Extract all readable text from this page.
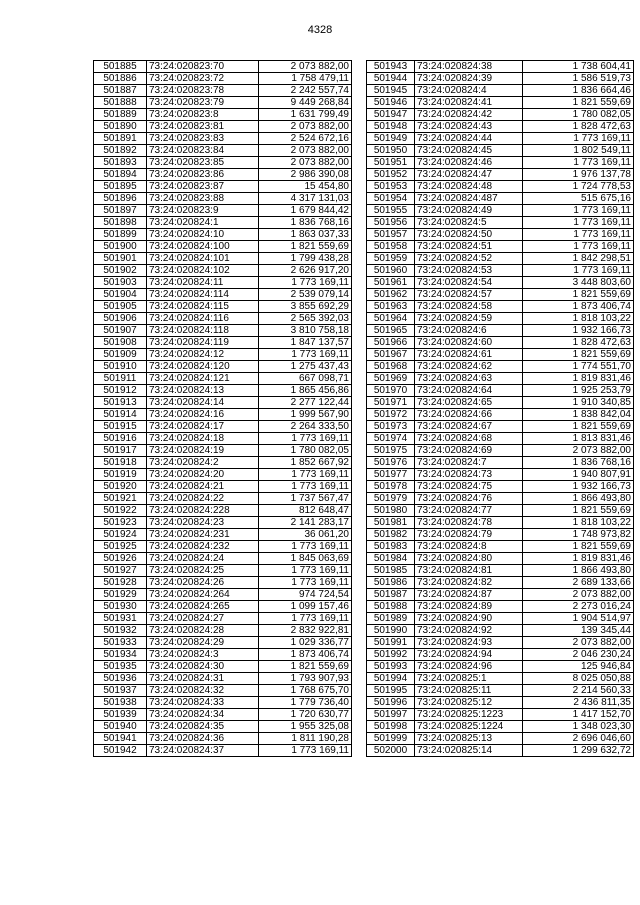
4328
501885	73:24:020823:70	2 073 882,00
501886	73:24:020823:72	1 758 479,11
501887	73:24:020823:78	2 242 557,74
501888	73:24:020823:79	9 449 268,84
501889	73:24:020823:8	1 631 799,49
501890	73:24:020823:81	2 073 882,00
501891	73:24:020823:83	2 524 672,16
501892	73:24:020823:84	2 073 882,00
501893	73:24:020823:85	2 073 882,00
501894	73:24:020823:86	2 986 390,08
501895	73:24:020823:87	15 454,80
501896	73:24:020823:88	4 317 131,03
501897	73:24:020823:9	1 679 844,42
501898	73:24:020824:1	1 836 768,16
501899	73:24:020824:10	1 863 037,33
501900	73:24:020824:100	1 821 559,69
501901	73:24:020824:101	1 799 438,28
501902	73:24:020824:102	2 626 917,20
501903	73:24:020824:11	1 773 169,11
501904	73:24:020824:114	2 539 079,14
501905	73:24:020824:115	3 855 692,29
501906	73:24:020824:116	2 565 392,03
501907	73:24:020824:118	3 810 758,18
501908	73:24:020824:119	1 847 137,57
501909	73:24:020824:12	1 773 169,11
501910	73:24:020824:120	1 275 437,43
501911	73:24:020824:121	667 098,71
501912	73:24:020824:13	1 865 456,86
501913	73:24:020824:14	2 277 122,44
501914	73:24:020824:16	1 999 567,90
501915	73:24:020824:17	2 264 333,50
501916	73:24:020824:18	1 773 169,11
501917	73:24:020824:19	1 780 082,05
501918	73:24:020824:2	1 852 667,92
501919	73:24:020824:20	1 773 169,11
501920	73:24:020824:21	1 773 169,11
501921	73:24:020824:22	1 737 567,47
501922	73:24:020824:228	812 648,47
501923	73:24:020824:23	2 141 283,17
501924	73:24:020824:231	36 061,20
501925	73:24:020824:232	1 773 169,11
501926	73:24:020824:24	1 845 063,69
501927	73:24:020824:25	1 773 169,11
501928	73:24:020824:26	1 773 169,11
501929	73:24:020824:264	974 724,54
501930	73:24:020824:265	1 099 157,46
501931	73:24:020824:27	1 773 169,11
501932	73:24:020824:28	2 832 922,81
501933	73:24:020824:29	1 029 336,77
501934	73:24:020824:3	1 873 406,74
501935	73:24:020824:30	1 821 559,69
501936	73:24:020824:31	1 793 907,93
501937	73:24:020824:32	1 768 675,70
501938	73:24:020824:33	1 779 736,40
501939	73:24:020824:34	1 720 630,77
501940	73:24:020824:35	1 955 325,08
501941	73:24:020824:36	1 811 190,28
501942	73:24:020824:37	1 773 169,11
501943	73:24:020824:38	1 738 604,41
501944	73:24:020824:39	1 586 519,73
501945	73:24:020824:4	1 836 664,46
501946	73:24:020824:41	1 821 559,69
501947	73:24:020824:42	1 780 082,05
501948	73:24:020824:43	1 828 472,63
501949	73:24:020824:44	1 773 169,11
501950	73:24:020824:45	1 802 549,11
501951	73:24:020824:46	1 773 169,11
501952	73:24:020824:47	1 976 137,78
501953	73:24:020824:48	1 724 778,53
501954	73:24:020824:487	515 675,16
501955	73:24:020824:49	1 773 169,11
501956	73:24:020824:5	1 773 169,11
501957	73:24:020824:50	1 773 169,11
501958	73:24:020824:51	1 773 169,11
501959	73:24:020824:52	1 842 298,51
501960	73:24:020824:53	1 773 169,11
501961	73:24:020824:54	3 448 803,60
501962	73:24:020824:57	1 821 559,69
501963	73:24:020824:58	1 873 406,74
501964	73:24:020824:59	1 818 103,22
501965	73:24:020824:6	1 932 166,73
501966	73:24:020824:60	1 828 472,63
501967	73:24:020824:61	1 821 559,69
501968	73:24:020824:62	1 774 551,70
501969	73:24:020824:63	1 819 831,46
501970	73:24:020824:64	1 925 253,79
501971	73:24:020824:65	1 910 340,85
501972	73:24:020824:66	1 838 842,04
501973	73:24:020824:67	1 821 559,69
501974	73:24:020824:68	1 813 831,46
501975	73:24:020824:69	2 073 882,00
501976	73:24:020824:7	1 836 768,16
501977	73:24:020824:73	1 940 807,91
501978	73:24:020824:75	1 932 166,73
501979	73:24:020824:76	1 866 493,80
501980	73:24:020824:77	1 821 559,69
501981	73:24:020824:78	1 818 103,22
501982	73:24:020824:79	1 748 973,82
501983	73:24:020824:8	1 821 559,69
501984	73:24:020824:80	1 819 831,46
501985	73:24:020824:81	1 866 493,80
501986	73:24:020824:82	2 689 133,66
501987	73:24:020824:87	2 073 882,00
501988	73:24:020824:89	2 273 016,24
501989	73:24:020824:90	1 904 514,97
501990	73:24:020824:92	139 345,44
501991	73:24:020824:93	2 073 882,00
501992	73:24:020824:94	2 046 230,24
501993	73:24:020824:96	125 946,84
501994	73:24:020825:1	8 025 050,88
501995	73:24:020825:11	2 214 560,33
501996	73:24:020825:12	2 436 811,35
501997	73:24:020825:1223	1 417 152,70
501998	73:24:020825:1224	1 348 023,30
501999	73:24:020825:13	2 696 046,60
502000	73:24:020825:14	1 299 632,72
